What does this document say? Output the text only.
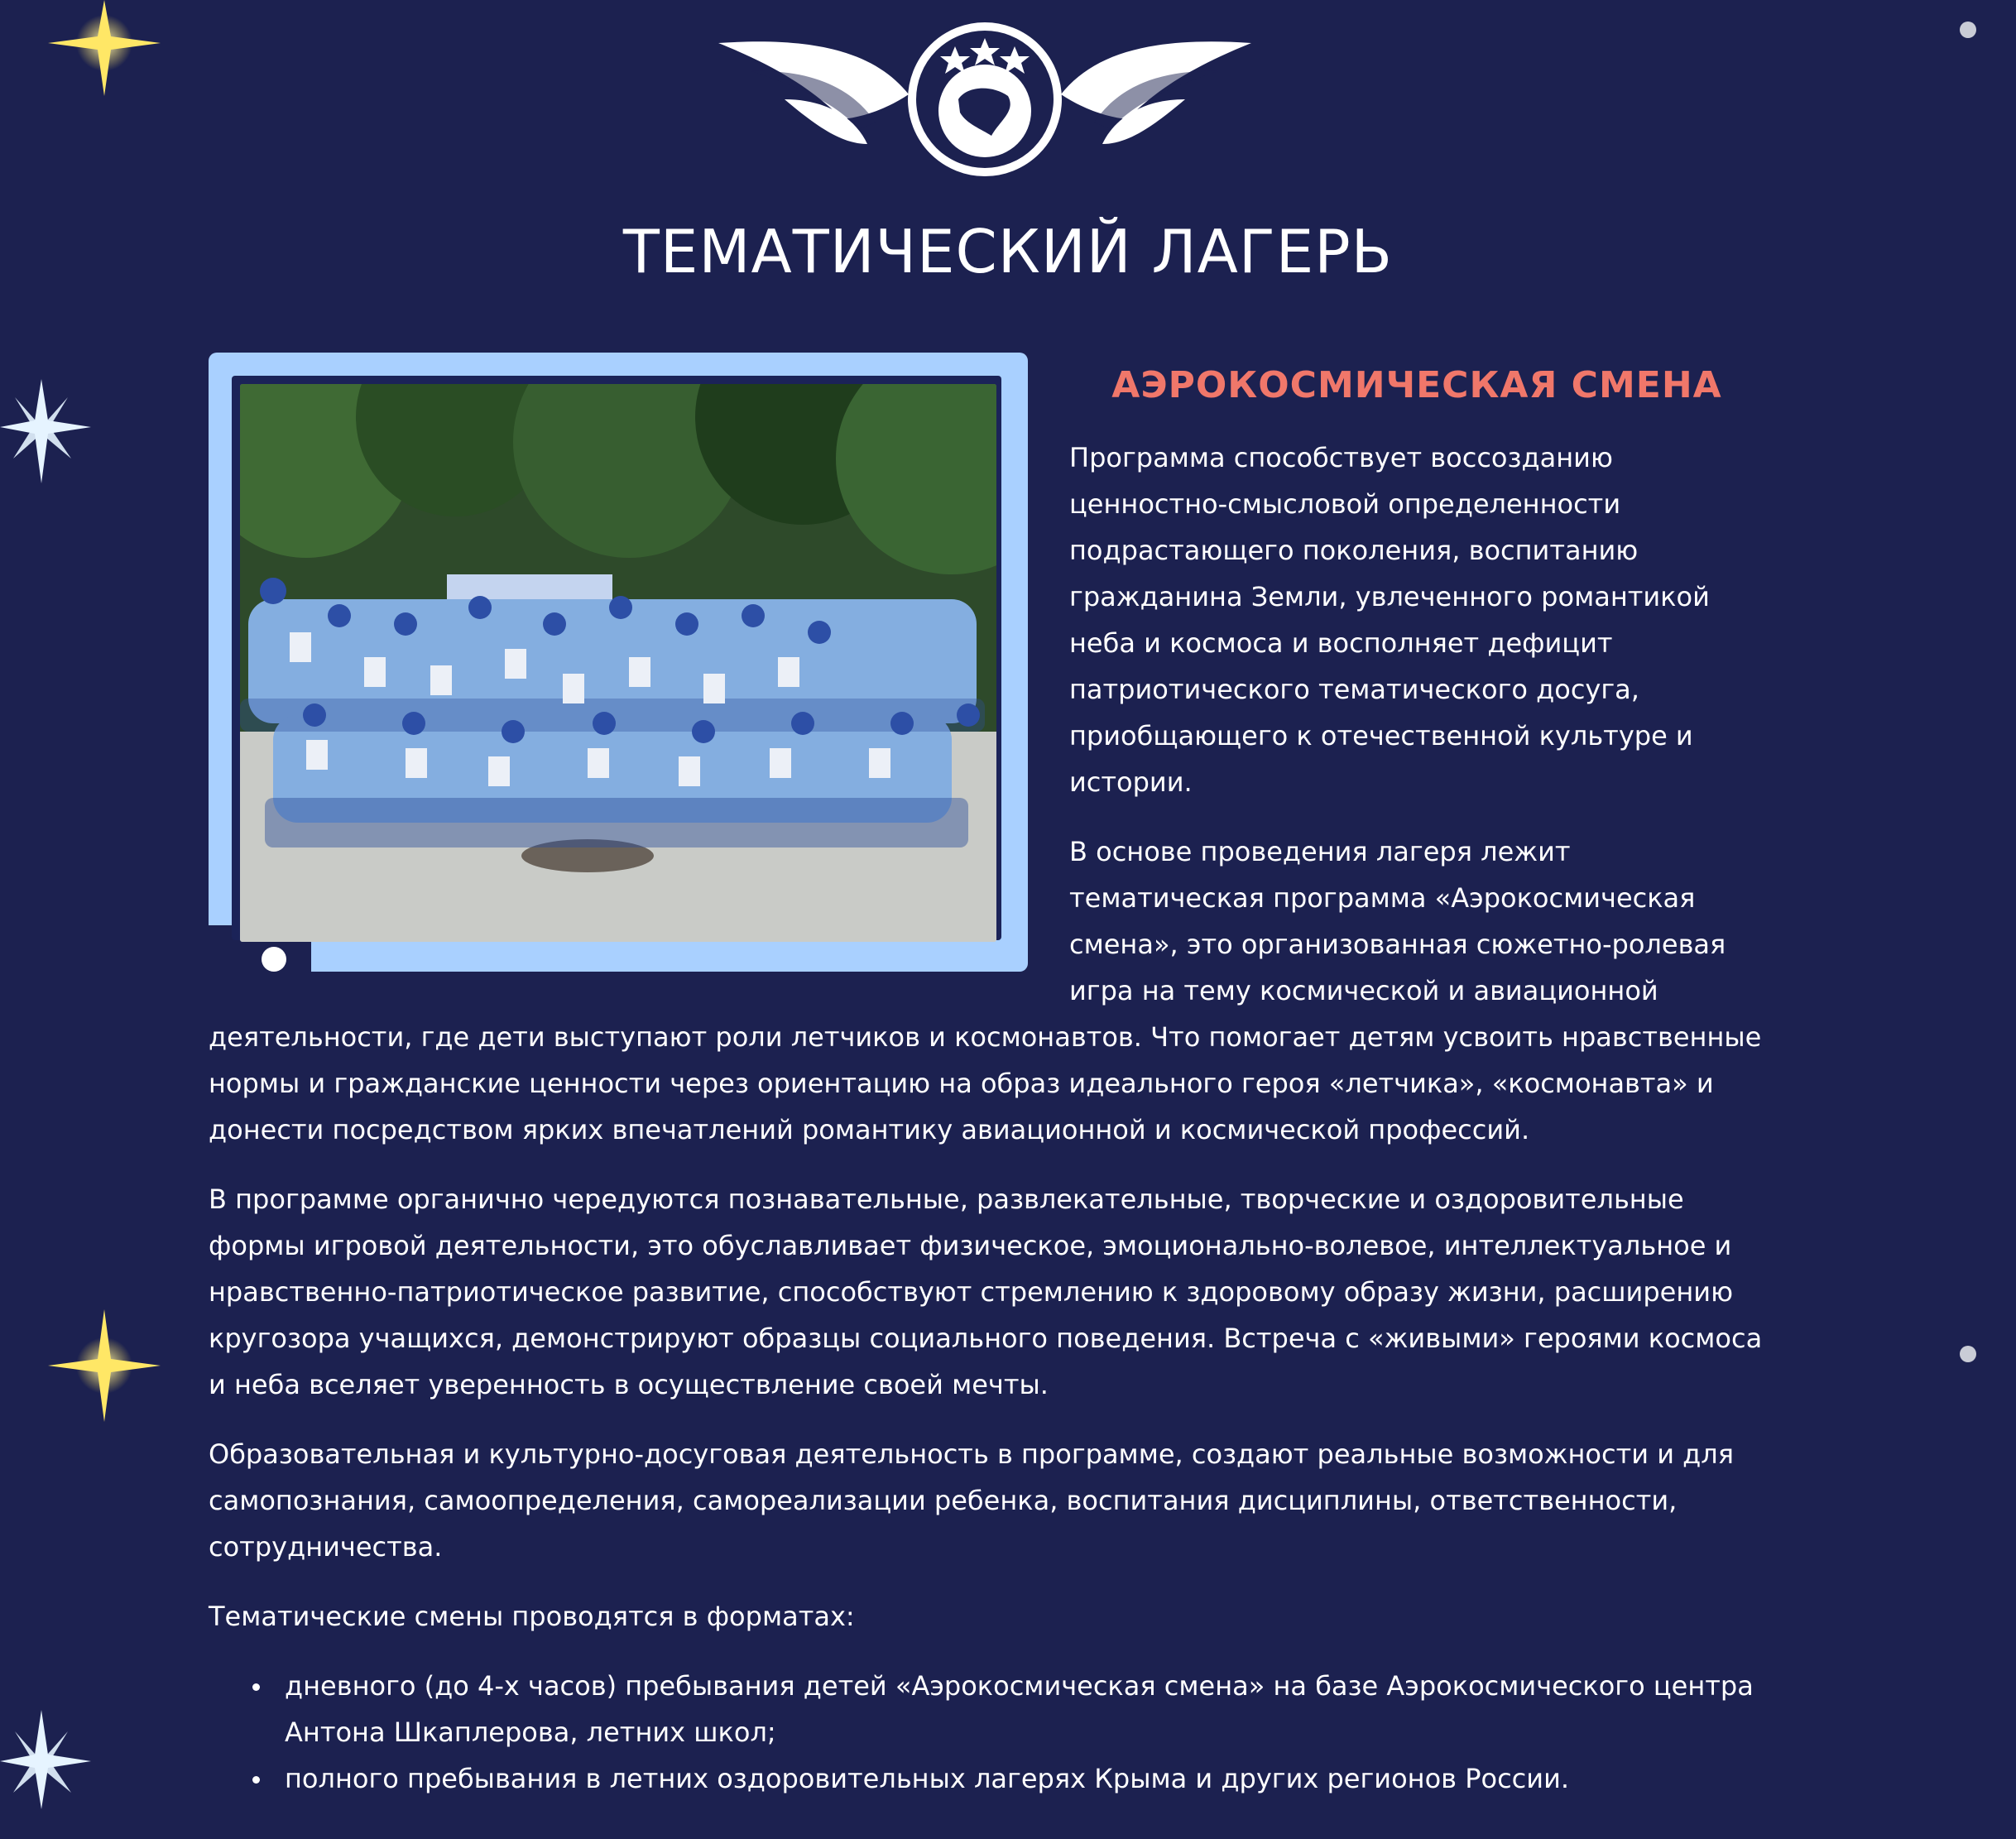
ТЕМАТИЧЕСКИЙ ЛАГЕРЬ
АЭРОКОСМИЧЕСКАЯ СМЕНА

Программа способствует воссозданию ценностно-смысловой определенности подрастающего поколения, воспитанию гражданина Земли, увлеченного романтикой неба и космоса и восполняет дефицит патриотического тематического досуга, приобщающего к отечественной культуре и истории.

В основе проведения лагеря лежит тематическая программа «Аэрокосмическая смена», это организованная сюжетно-ролевая игра на тему космической и авиационной деятельности, где дети выступают роли летчиков и космонавтов. Что помогает детям усвоить нравственные нормы и гражданские ценности через ориентацию на образ идеального героя «летчика», «космонавта» и донести посредством ярких впечатлений романтику авиационной и космической профессий.

В программе органично чередуются познавательные, развлекательные, творческие и оздоровительные формы игровой деятельности, это обуславливает физическое, эмоционально-волевое, интеллектуальное и нравственно-патриотическое развитие, способствуют стремлению к здоровому образу жизни, расширению кругозора учащихся, демонстрируют образцы социального поведения. Встреча с «живыми» героями космоса и неба вселяет уверенность в осуществление своей мечты.

Образовательная и культурно-досуговая деятельность в программе, создают реальные возможности и для самопознания, самоопределения, самореализации ребенка, воспитания дисциплины, ответственности, сотрудничества.

Тематические смены проводятся в форматах:

• дневного (до 4-х часов) пребывания детей «Аэрокосмическая смена» на базе Аэрокосмического центра Антона Шкаплерова, летних школ;
• полного пребывания в летних оздоровительных лагерях Крыма и других регионов России.
